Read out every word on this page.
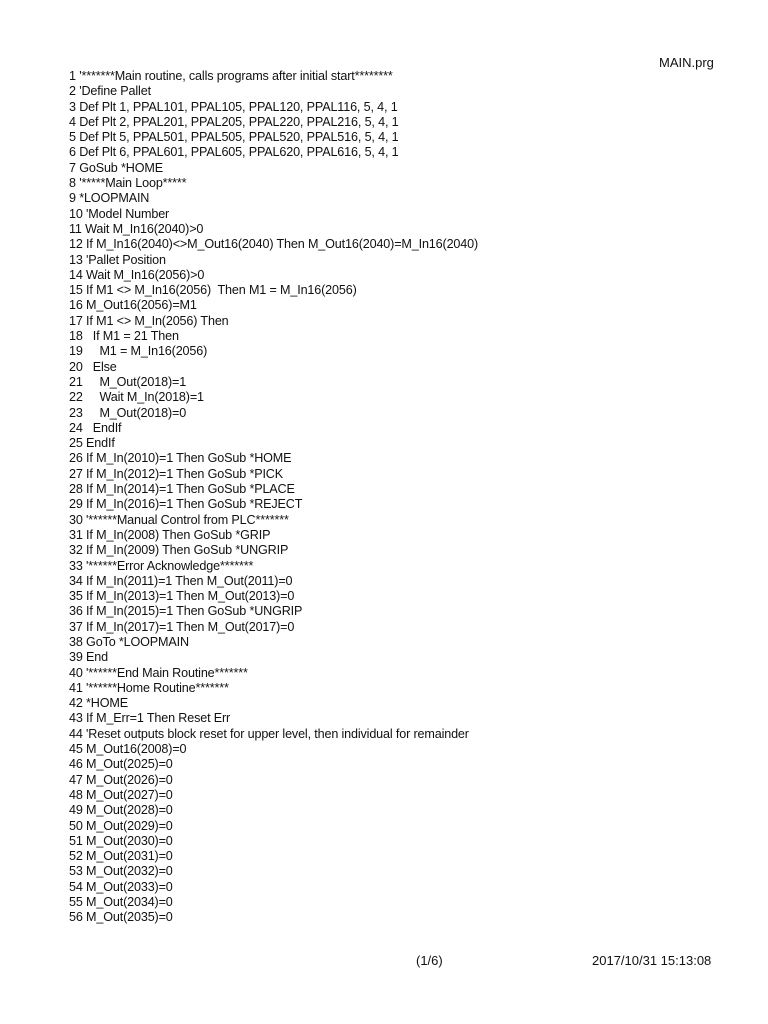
MAIN.prg
1 '*******Main routine, calls programs after initial start********
2 'Define Pallet
3 Def Plt 1, PPAL101, PPAL105, PPAL120, PPAL116, 5, 4, 1
4 Def Plt 2, PPAL201, PPAL205, PPAL220, PPAL216, 5, 4, 1
5 Def Plt 5, PPAL501, PPAL505, PPAL520, PPAL516, 5, 4, 1
6 Def Plt 6, PPAL601, PPAL605, PPAL620, PPAL616, 5, 4, 1
7 GoSub *HOME
8 '*****Main Loop*****
9 *LOOPMAIN
10 'Model Number
11 Wait M_In16(2040)>0
12 If M_In16(2040)<>M_Out16(2040) Then M_Out16(2040)=M_In16(2040)
13 'Pallet Position
14 Wait M_In16(2056)>0
15 If M1 <> M_In16(2056)  Then M1 = M_In16(2056)
16 M_Out16(2056)=M1
17 If M1 <> M_In(2056) Then
18   If M1 = 21 Then
19     M1 = M_In16(2056)
20   Else
21     M_Out(2018)=1
22     Wait M_In(2018)=1
23     M_Out(2018)=0
24   EndIf
25 EndIf
26 If M_In(2010)=1 Then GoSub *HOME
27 If M_In(2012)=1 Then GoSub *PICK
28 If M_In(2014)=1 Then GoSub *PLACE
29 If M_In(2016)=1 Then GoSub *REJECT
30 '******Manual Control from PLC*******
31 If M_In(2008) Then GoSub *GRIP
32 If M_In(2009) Then GoSub *UNGRIP
33 '******Error Acknowledge*******
34 If M_In(2011)=1 Then M_Out(2011)=0
35 If M_In(2013)=1 Then M_Out(2013)=0
36 If M_In(2015)=1 Then GoSub *UNGRIP
37 If M_In(2017)=1 Then M_Out(2017)=0
38 GoTo *LOOPMAIN
39 End
40 '******End Main Routine*******
41 '******Home Routine*******
42 *HOME
43 If M_Err=1 Then Reset Err
44 'Reset outputs block reset for upper level, then individual for remainder
45 M_Out16(2008)=0
46 M_Out(2025)=0
47 M_Out(2026)=0
48 M_Out(2027)=0
49 M_Out(2028)=0
50 M_Out(2029)=0
51 M_Out(2030)=0
52 M_Out(2031)=0
53 M_Out(2032)=0
54 M_Out(2033)=0
55 M_Out(2034)=0
56 M_Out(2035)=0
(1/6)	2017/10/31 15:13:08
